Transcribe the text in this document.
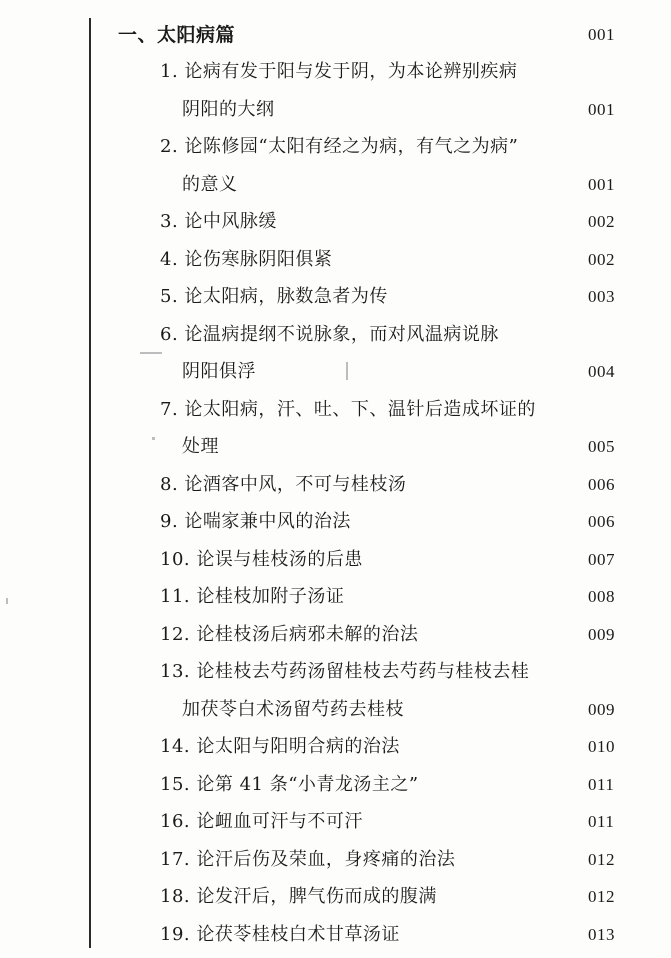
一、太阳病篇	001
1. 论病有发于阳与发于阴，为本论辨别疾病
阴阳的大纲	001
2. 论陈修园“太阳有经之为病，有气之为病”
的意义	001
3. 论中风脉缓	002
4. 论伤寒脉阴阳俱紧	002
5. 论太阳病，脉数急者为传	003
6. 论温病提纲不说脉象，而对风温病说脉
阴阳俱浮	004
7. 论太阳病，汗、吐、下、温针后造成坏证的
处理	005
8. 论酒客中风，不可与桂枝汤	006
9. 论喘家兼中风的治法	006
10. 论误与桂枝汤的后患	007
11. 论桂枝加附子汤证	008
12. 论桂枝汤后病邪未解的治法	009
13. 论桂枝去芍药汤留桂枝去芍药与桂枝去桂
加茯苓白术汤留芍药去桂枝	009
14. 论太阳与阳明合病的治法	010
15. 论第 41 条“小青龙汤主之”	011
16. 论衄血可汗与不可汗	011
17. 论汗后伤及荣血，身疼痛的治法	012
18. 论发汗后，脾气伤而成的腹满	012
19. 论茯苓桂枝白术甘草汤证	013
